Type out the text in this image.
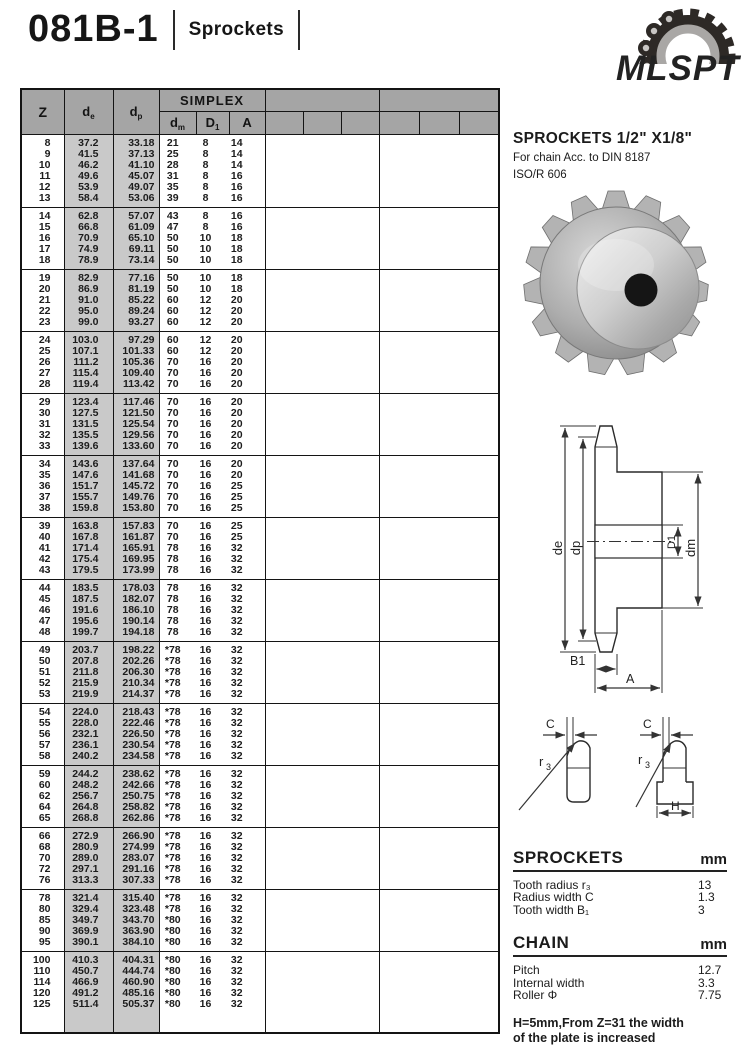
081B-1 Sprockets
MLSPT
Z	$d_e$	$d_p$	SIMPLEX								
			$d_m$	$D_1$	A						
8	37.2	33.18	21	8	14						
9	41.5	37.13	25	8	14						
10	46.2	41.10	28	8	14						
11	49.6	45.07	31	8	16						
12	53.9	49.07	35	8	16						
13	58.4	53.06	39	8	16						
14	62.8	57.07	43	8	16						
15	66.8	61.09	47	8	16						
16	70.9	65.10	50	10	18						
17	74.9	69.11	50	10	18						
18	78.9	73.14	50	10	18						
19	82.9	77.16	50	10	18						
20	86.9	81.19	50	10	18						
21	91.0	85.22	60	12	20						
22	95.0	89.24	60	12	20						
23	99.0	93.27	60	12	20						
24	103.0	97.29	60	12	20						
25	107.1	101.33	60	12	20						
26	111.2	105.36	70	16	20						
27	115.4	109.40	70	16	20						
28	119.4	113.42	70	16	20						
29	123.4	117.46	70	16	20						
30	127.5	121.50	70	16	20						
31	131.5	125.54	70	16	20						
32	135.5	129.56	70	16	20						
33	139.6	133.60	70	16	20						
34	143.6	137.64	70	16	20						
35	147.6	141.68	70	16	20						
36	151.7	145.72	70	16	25						
37	155.7	149.76	70	16	25						
38	159.8	153.80	70	16	25						
39	163.8	157.83	70	16	25						
40	167.8	161.87	70	16	25						
41	171.4	165.91	78	16	32						
42	175.4	169.95	78	16	32						
43	179.5	173.99	78	16	32						
44	183.5	178.03	78	16	32						
45	187.5	182.07	78	16	32						
46	191.6	186.10	78	16	32						
47	195.6	190.14	78	16	32						
48	199.7	194.18	78	16	32						
49	203.7	198.22	*78	16	32						
50	207.8	202.26	*78	16	32						
51	211.8	206.30	*78	16	32						
52	215.9	210.34	*78	16	32						
53	219.9	214.37	*78	16	32						
54	224.0	218.43	*78	16	32						
55	228.0	222.46	*78	16	32						
56	232.1	226.50	*78	16	32						
57	236.1	230.54	*78	16	32						
58	240.2	234.58	*78	16	32						
59	244.2	238.62	*78	16	32						
60	248.2	242.66	*78	16	32						
62	256.7	250.75	*78	16	32						
64	264.8	258.82	*78	16	32						
65	268.8	262.86	*78	16	32						
66	272.9	266.90	*78	16	32						
68	280.9	274.99	*78	16	32						
70	289.0	283.07	*78	16	32						
72	297.1	291.16	*78	16	32						
76	313.3	307.33	*78	16	32						
78	321.4	315.40	*78	16	32						
80	329.4	323.48	*78	16	32						
85	349.7	343.70	*80	16	32						
90	369.9	363.90	*80	16	32						
95	390.1	384.10	*80	16	32						
100	410.3	404.31	*80	16	32						
110	450.7	444.74	*80	16	32						
114	466.9	460.90	*80	16	32						
120	491.2	485.16	*80	16	32						
125	511.4	505.37	*80	16	32						
SPROCKETS 1/2" X1/8"

For chain Acc. to DIN 8187

ISO/R 606

de dp	D1 dm
B1
A
C
r 3
C
r 3
H
SPROCKETS	mm
Tooth radius r₃	13
Radius width C	1.3
Tooth width B₁	3
CHAIN	mm
Pitch	12.7
Internal width	3.3
Roller Φ	7.75
H=5mm,From Z=31 the width
of the plate is increased
